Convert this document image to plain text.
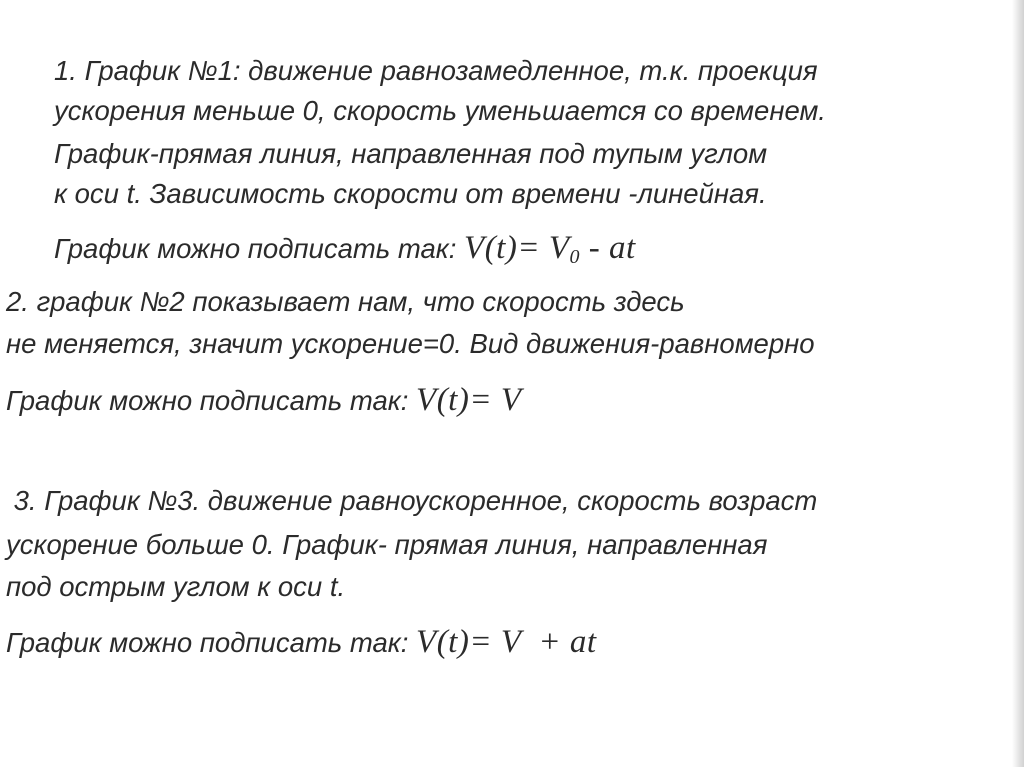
1. График №1: движение равнозамедленное, т.к. проекция
ускорения меньше 0, скорость уменьшается со временем.
График-прямая линия, направленная под тупым углом
к оси t. Зависимость скорости от времени -линейная.
График можно подписать так: $V(t)= V_0$ - at
2. график №2 показывает нам, что скорость здесь
не меняется, значит ускорение=0. Вид движения-равномерно
График можно подписать так: V(t)= V
3. График №3. движение равноускоренное, скорость возраст
ускорение больше 0. График- прямая линия, направленная
под острым углом к оси t.
График можно подписать так: V(t)= V  + at
